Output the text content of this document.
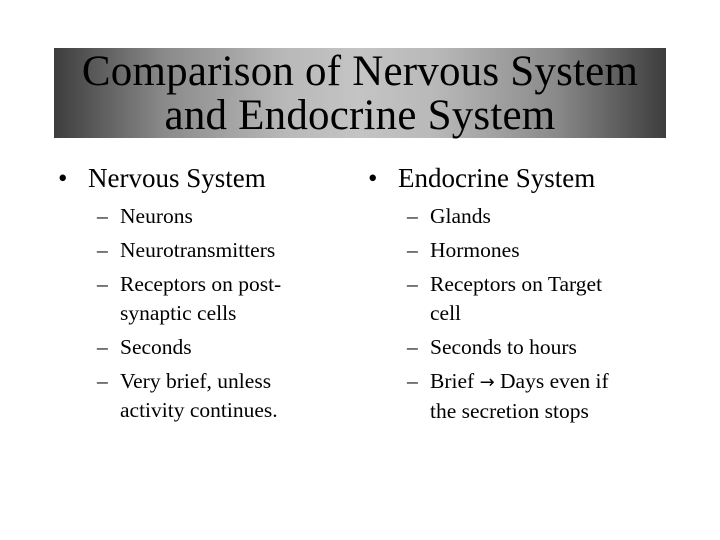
Comparison of Nervous System
and Endocrine System
• Nervous System
– Neurons
– Neurotransmitters
– Receptors on post-
synaptic cells
– Seconds
– Very brief, unless
activity continues.
• Endocrine System
– Glands
– Hormones
– Receptors on Target
cell
– Seconds to hours
– Brief → Days even if
the secretion stops
